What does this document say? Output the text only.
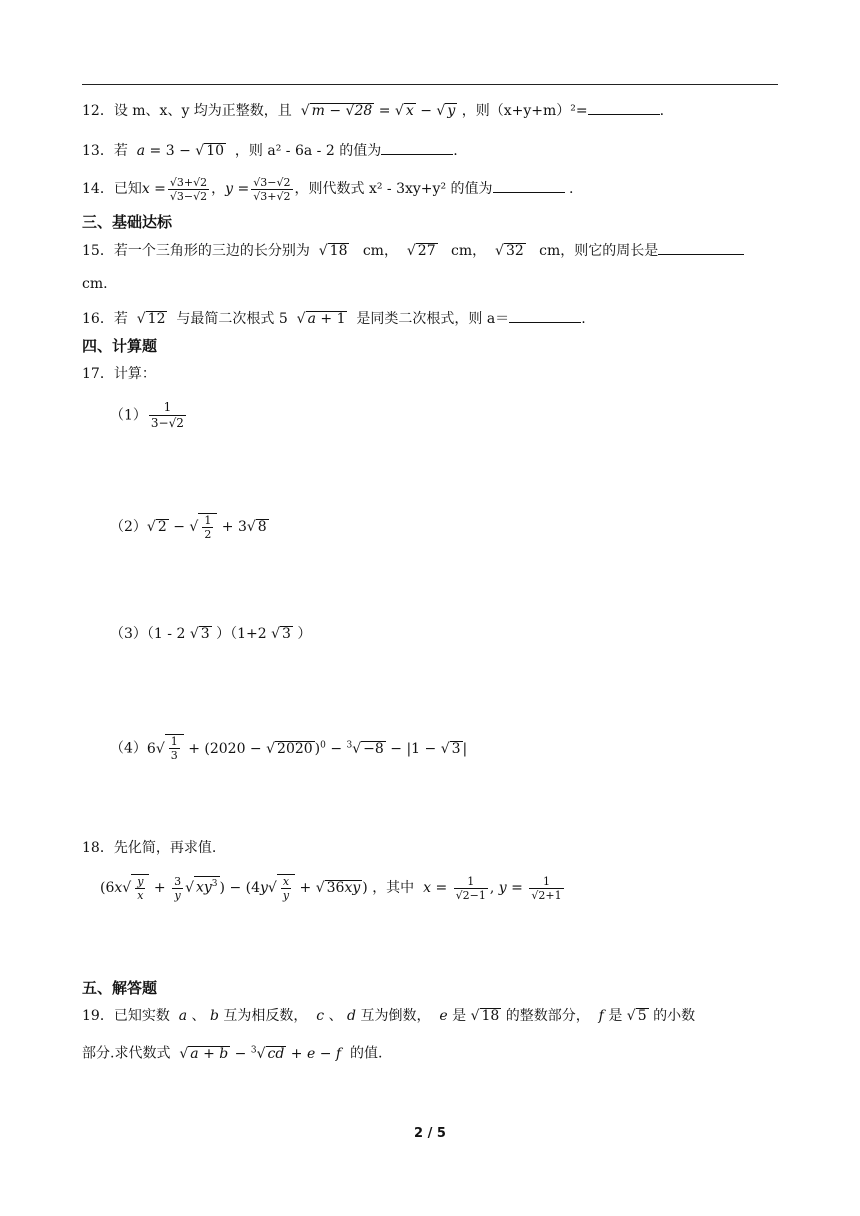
12．设 m、x、y 均为正整数，且  √ m − √28 = √ x − √ y ，则（x+y+m）²=	.
13．若 a = 3 − √ 10 ，则 a² - 6a - 2 的值为	.
14．已知$x = \frac{√3+√2}{√3-√2}$ ，$y = \frac{√3-√2}{√3+√2}$ ，则代数式 x² - 3xy+y² 的值为	.
三、基础达标
15．若一个三角形的三边的长分别为  √ 18 cm，  √ 27 cm，  √ 32 cm，则它的周长是
cm.
16．若  √ 12 与最简二次根式 5  √ a + 1 是同类二次根式，则 a＝	.
四、计算题
17．计算：
$(1) \frac{1}{3-√2}$
（2）√ 2 − √ $\frac{1}{2} + 3√$ 8
（3）（1 - 2 √ 3 ）（1+2 √ 3 ）
$(4)6√ \frac{1}{3} + (2020$ − √ 2020 )$^0$ − $^3$√ −8 − |1 − √ 3 |
18．先化简，再求值.
($6x√ \frac{y}{x} + \frac{3}{y}$ √ $xy^3$ ) − ($4y√ \frac{x}{y}$ + √ 36xy ) ，其中 $x = \frac{1}{√2-1}$ , $y = \frac{1}{√2+1}$
五、解答题
19．已知实数  a 、 b 互为相反数，  c 、 d 互为倒数，  e 是 √ 18 的整数部分，  f 是 √ 5 的小数
部分.求代数式  √ a + b − $^3$√ cd + e − f 的值.
2 / 5
